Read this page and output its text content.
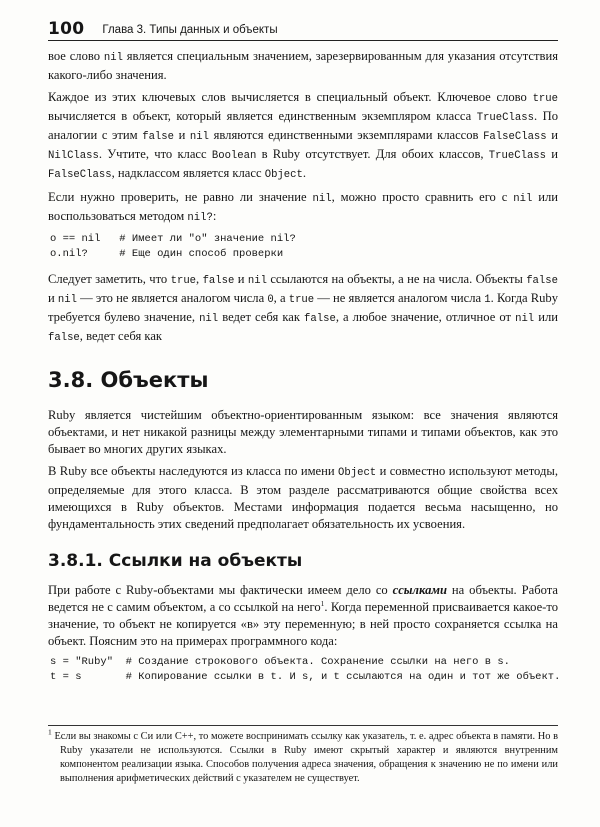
100 Глава 3. Типы данных и объекты

вое слово nil является специальным значением, зарезервированным для указания отсутствия какого-либо значения.

Каждое из этих ключевых слов вычисляется в специальный объект. Ключевое слово true вычисляется в объект, который является единственным экземпляром класса TrueClass. По аналогии с этим false и nil являются единственными экземплярами классов FalseClass и NilClass. Учтите, что класс Boolean в Ruby отсутствует. Для обоих классов, TrueClass и FalseClass, надклассом является класс Object.

Если нужно проверить, не равно ли значение nil, можно просто сравнить его с nil или воспользоваться методом nil?:

o == nil   # Имеет ли "o" значение nil?
o.nil?     # Еще один способ проверки

Следует заметить, что true, false и nil ссылаются на объекты, а не на числа. Объекты false и nil — это не является аналогом числа 0, а true — не является аналогом числа 1. Когда Ruby требуется булево значение, nil ведет себя как false, а любое значение, отличное от nil или false, ведет себя как

3.8. Объекты

Ruby является чистейшим объектно-ориентированным языком: все значения являются объектами, и нет никакой разницы между элементарными типами и типами объектов, как это бывает во многих других языках.

В Ruby все объекты наследуются из класса по имени Object и совместно используют методы, определяемые для этого класса. В этом разделе рассматриваются общие свойства всех имеющихся в Ruby объектов. Местами информация подается весьма насыщенно, но фундаментальность этих сведений предполагает обязательность их усвоения.

3.8.1. Ссылки на объекты

При работе с Ruby-объектами мы фактически имеем дело со ссылками на объекты. Работа ведется не с самим объектом, а со ссылкой на него$^1$. Когда переменной присваивается какое-то значение, то объект не копируется «в» эту переменную; в ней просто сохраняется ссылка на объект. Поясним это на примерах программного кода:

s = "Ruby"  # Создание строкового объекта. Сохранение ссылки на него в s.
t = s       # Копирование ссылки в t. И s, и t ссылаются на один и тот же объект.
$^1$ Если вы знакомы с Си или C++, то можете воспринимать ссылку как указатель, т. е. адрес объекта в памяти. Но в Ruby указатели не используются. Ссылки в Ruby имеют скрытый характер и являются внутренним компонентом реализации языка. Способов получения адреса значения, обращения к значению не по имени или выполнения арифметических действий с указателем не существует.
